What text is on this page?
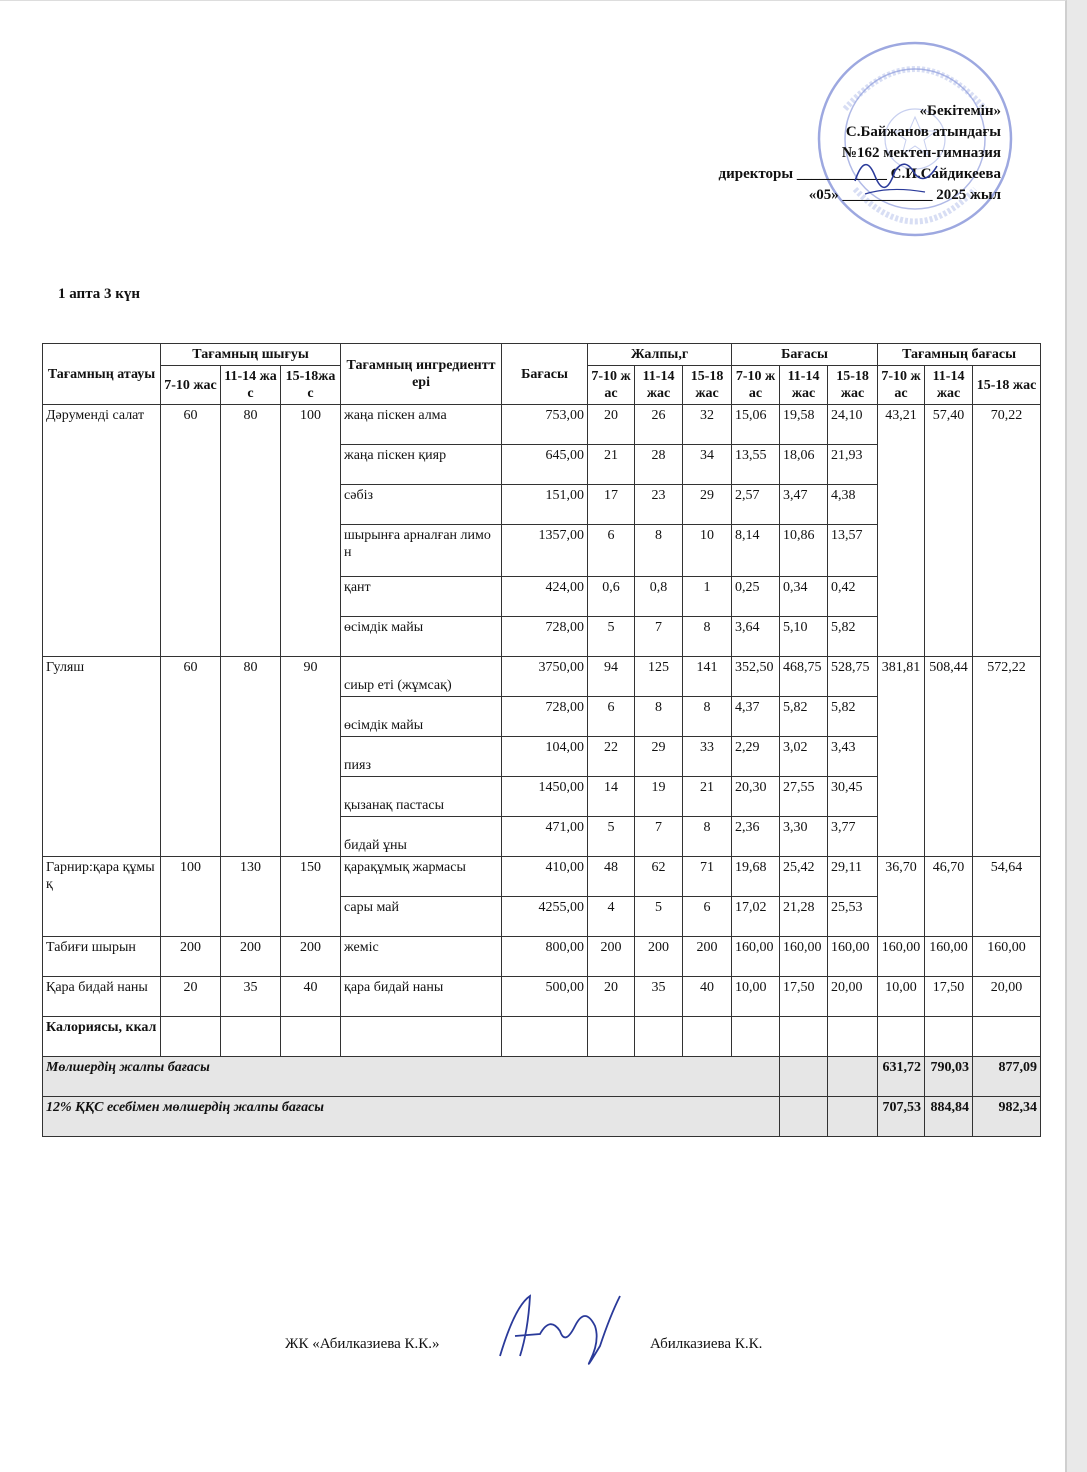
«Бекітемін»
С.Байжанов атындағы
№162 мектеп-гимназия
директоры ____________ С.И.Сайдикеева
«05» ____________ 2025 жыл
1 апта 3 күн
Тағамның атауы	Тағамның шығуы			Тағамның ингредиенттері	Бағасы	Жалпы,г			Бағасы			Тағамның бағасы		
	7-10 жас	11-14 жас	15-18жас			7-10 жас	11-14 жас	15-18 жас	7-10 жас	11-14 жас	15-18 жас	7-10 жас	11-14 жас	15-18 жас
Дәруменді салат	60	80	100	жаңа піскен алма	753,00	20	26	32	15,06	19,58	24,10	43,21	57,40	70,22
				жаңа піскен қияр	645,00	21	28	34	13,55	18,06	21,93			
				сәбіз	151,00	17	23	29	2,57	3,47	4,38			
				шырынға арналған лимон	1357,00	6	8	10	8,14	10,86	13,57			
				қант	424,00	0,6	0,8	1	0,25	0,34	0,42			
				өсімдік майы	728,00	5	7	8	3,64	5,10	5,82			
Гуляш	60	80	90	сиыр еті (жұмсақ)	3750,00	94	125	141	352,50	468,75	528,75	381,81	508,44	572,22
				өсімдік майы	728,00	6	8	8	4,37	5,82	5,82			
				пияз	104,00	22	29	33	2,29	3,02	3,43			
				қызанақ пастасы	1450,00	14	19	21	20,30	27,55	30,45			
				бидай ұны	471,00	5	7	8	2,36	3,30	3,77			
Гарнир:қара құмық	100	130	150	қарақұмық жармасы	410,00	48	62	71	19,68	25,42	29,11	36,70	46,70	54,64
				сары май	4255,00	4	5	6	17,02	21,28	25,53			
Табиғи шырын	200	200	200	жеміс	800,00	200	200	200	160,00	160,00	160,00	160,00	160,00	160,00
Қара бидай наны	20	35	40	қара бидай наны	500,00	20	35	40	10,00	17,50	20,00	10,00	17,50	20,00
Калориясы, ккал														
Мөлшердің жалпы бағасы												631,72	790,03	877,09
12% ҚҚС есебімен мөлшердің жалпы бағасы												707,53	884,84	982,34
ЖК «Абилказиева К.К.»	Абилказиева К.К.
